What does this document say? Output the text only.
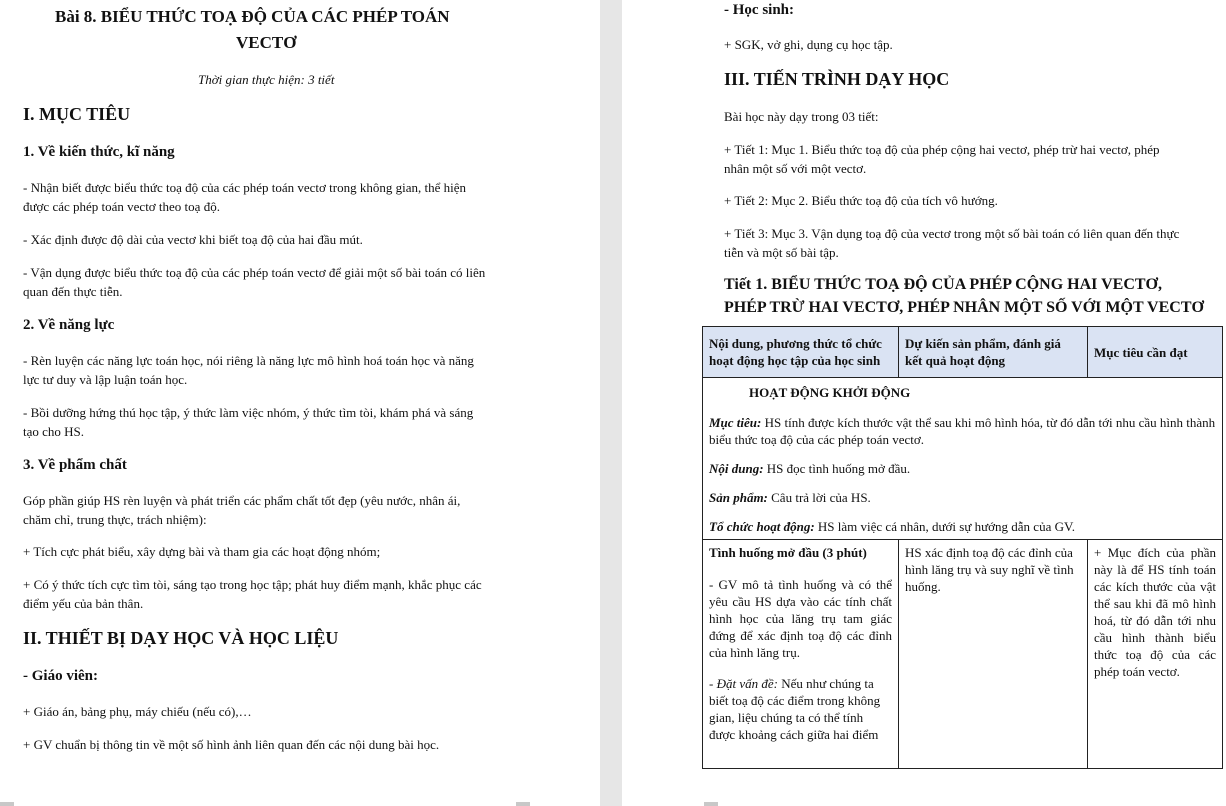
Bài 8. BIỂU THỨC TOẠ ĐỘ CỦA CÁC PHÉP TOÁN
VECTƠ
Thời gian thực hiện: 3 tiết
I. MỤC TIÊU
1. Về kiến thức, kĩ năng
- Nhận biết được biểu thức toạ độ của các phép toán vectơ trong không gian, thể hiện
được các phép toán vectơ theo toạ độ.
- Xác định được độ dài của vectơ khi biết toạ độ của hai đầu mút.
- Vận dụng được biểu thức toạ độ của các phép toán vectơ để giải một số bài toán có liên
quan đến thực tiễn.
2. Về năng lực
- Rèn luyện các năng lực toán học, nói riêng là năng lực mô hình hoá toán học và năng
lực tư duy và lập luận toán học.
- Bồi dưỡng hứng thú học tập, ý thức làm việc nhóm, ý thức tìm tòi, khám phá và sáng
tạo cho HS.
3. Về phẩm chất
Góp phần giúp HS rèn luyện và phát triển các phẩm chất tốt đẹp (yêu nước, nhân ái,
chăm chỉ, trung thực, trách nhiệm):
+ Tích cực phát biểu, xây dựng bài và tham gia các hoạt động nhóm;
+ Có ý thức tích cực tìm tòi, sáng tạo trong học tập; phát huy điểm mạnh, khắc phục các
điểm yếu của bản thân.
II. THIẾT BỊ DẠY HỌC VÀ HỌC LIỆU
- Giáo viên:
+ Giáo án, bảng phụ, máy chiếu (nếu có),…
+ GV chuẩn bị thông tin về một số hình ảnh liên quan đến các nội dung bài học.
- Học sinh:
+ SGK, vở ghi, dụng cụ học tập.
III. TIẾN TRÌNH DẠY HỌC
Bài học này dạy trong 03 tiết:
+ Tiết 1: Mục 1. Biểu thức toạ độ của phép cộng hai vectơ, phép trừ hai vectơ, phép
nhân một số với một vectơ.
+ Tiết 2: Mục 2. Biểu thức toạ độ của tích vô hướng.
+ Tiết 3: Mục 3. Vận dụng toạ độ của vectơ trong một số bài toán có liên quan đến thực
tiễn và một số bài tập.
Tiết 1. BIỂU THỨC TOẠ ĐỘ CỦA PHÉP CỘNG HAI VECTƠ,
PHÉP TRỪ HAI VECTƠ, PHÉP NHÂN MỘT SỐ VỚI MỘT VECTƠ
Nội dung, phương thức tổ chức hoạt động học tập của học sinh	Dự kiến sản phẩm, đánh giá kết quả hoạt động	Mục tiêu cần đạt

HOẠT ĐỘNG KHỞI ĐỘNG
Mục tiêu: HS tính được kích thước vật thể sau khi mô hình hóa, từ đó dẫn tới nhu cầu hình thành biểu thức toạ độ của các phép toán vectơ.
Nội dung: HS đọc tình huống mở đầu.
Sản phẩm: Câu trả lời của HS.
Tổ chức hoạt động: HS làm việc cá nhân, dưới sự hướng dẫn của GV.		

Tình huống mở đầu (3 phút)
- GV mô tả tình huống và có thể yêu cầu HS dựa vào các tính chất hình học của lăng trụ tam giác đứng để xác định toạ độ các đỉnh của hình lăng trụ.
- Đặt vấn đề: Nếu như chúng ta biết toạ độ các điểm trong không gian, liệu chúng ta có thể tính được khoảng cách giữa hai điểm	HS xác định toạ độ các đỉnh của hình lăng trụ và suy nghĩ về tình huống.	+ Mục đích của phần này là để HS tính toán các kích thước của vật thể sau khi đã mô hình hoá, từ đó dẫn tới nhu cầu hình thành biểu thức toạ độ của các phép toán vectơ.
